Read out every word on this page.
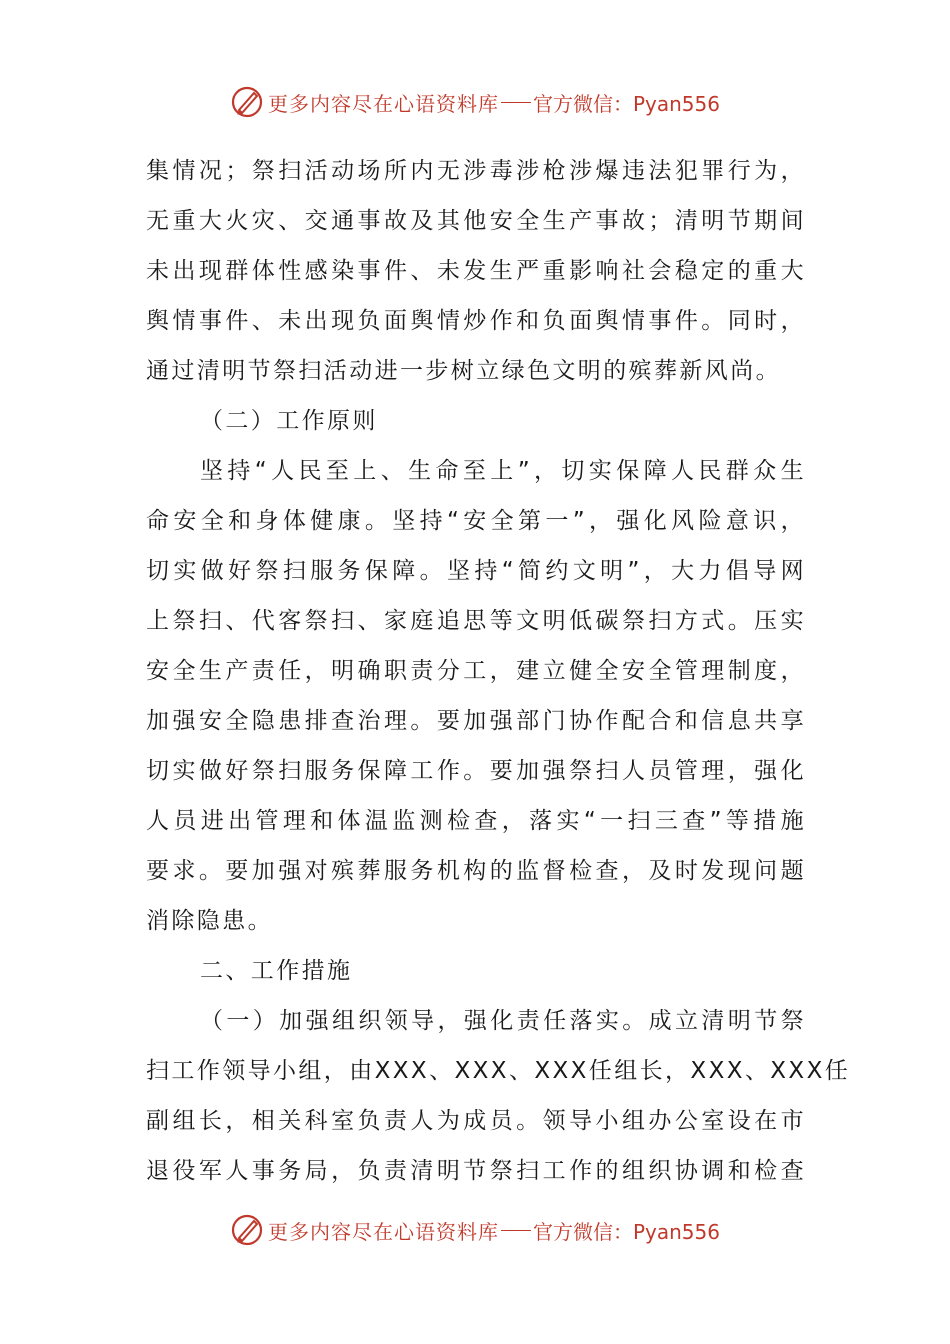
更多内容尽在心语资料库 官方微信：Pyan556
集情况；祭扫活动场所内无涉毒涉枪涉爆违法犯罪行为，
无重大火灾、交通事故及其他安全生产事故；清明节期间
未出现群体性感染事件、未发生严重影响社会稳定的重大
舆情事件、未出现负面舆情炒作和负面舆情事件。同时，
通过清明节祭扫活动进一步树立绿色文明的殡葬新风尚。
（二）工作原则
坚持“人民至上、生命至上”，切实保障人民群众生
命安全和身体健康。坚持“安全第一”，强化风险意识，
切实做好祭扫服务保障。坚持“简约文明”，大力倡导网
上祭扫、代客祭扫、家庭追思等文明低碳祭扫方式。压实
安全生产责任，明确职责分工，建立健全安全管理制度，
加强安全隐患排查治理。要加强部门协作配合和信息共享
切实做好祭扫服务保障工作。要加强祭扫人员管理，强化
人员进出管理和体温监测检查，落实“一扫三查”等措施
要求。要加强对殡葬服务机构的监督检查，及时发现问题
消除隐患。
二、工作措施
（一）加强组织领导，强化责任落实。成立清明节祭
扫工作领导小组，由XXX、XXX、XXX任组长，XXX、XXX任
副组长，相关科室负责人为成员。领导小组办公室设在市
退役军人事务局，负责清明节祭扫工作的组织协调和检查
更多内容尽在心语资料库 官方微信：Pyan556
